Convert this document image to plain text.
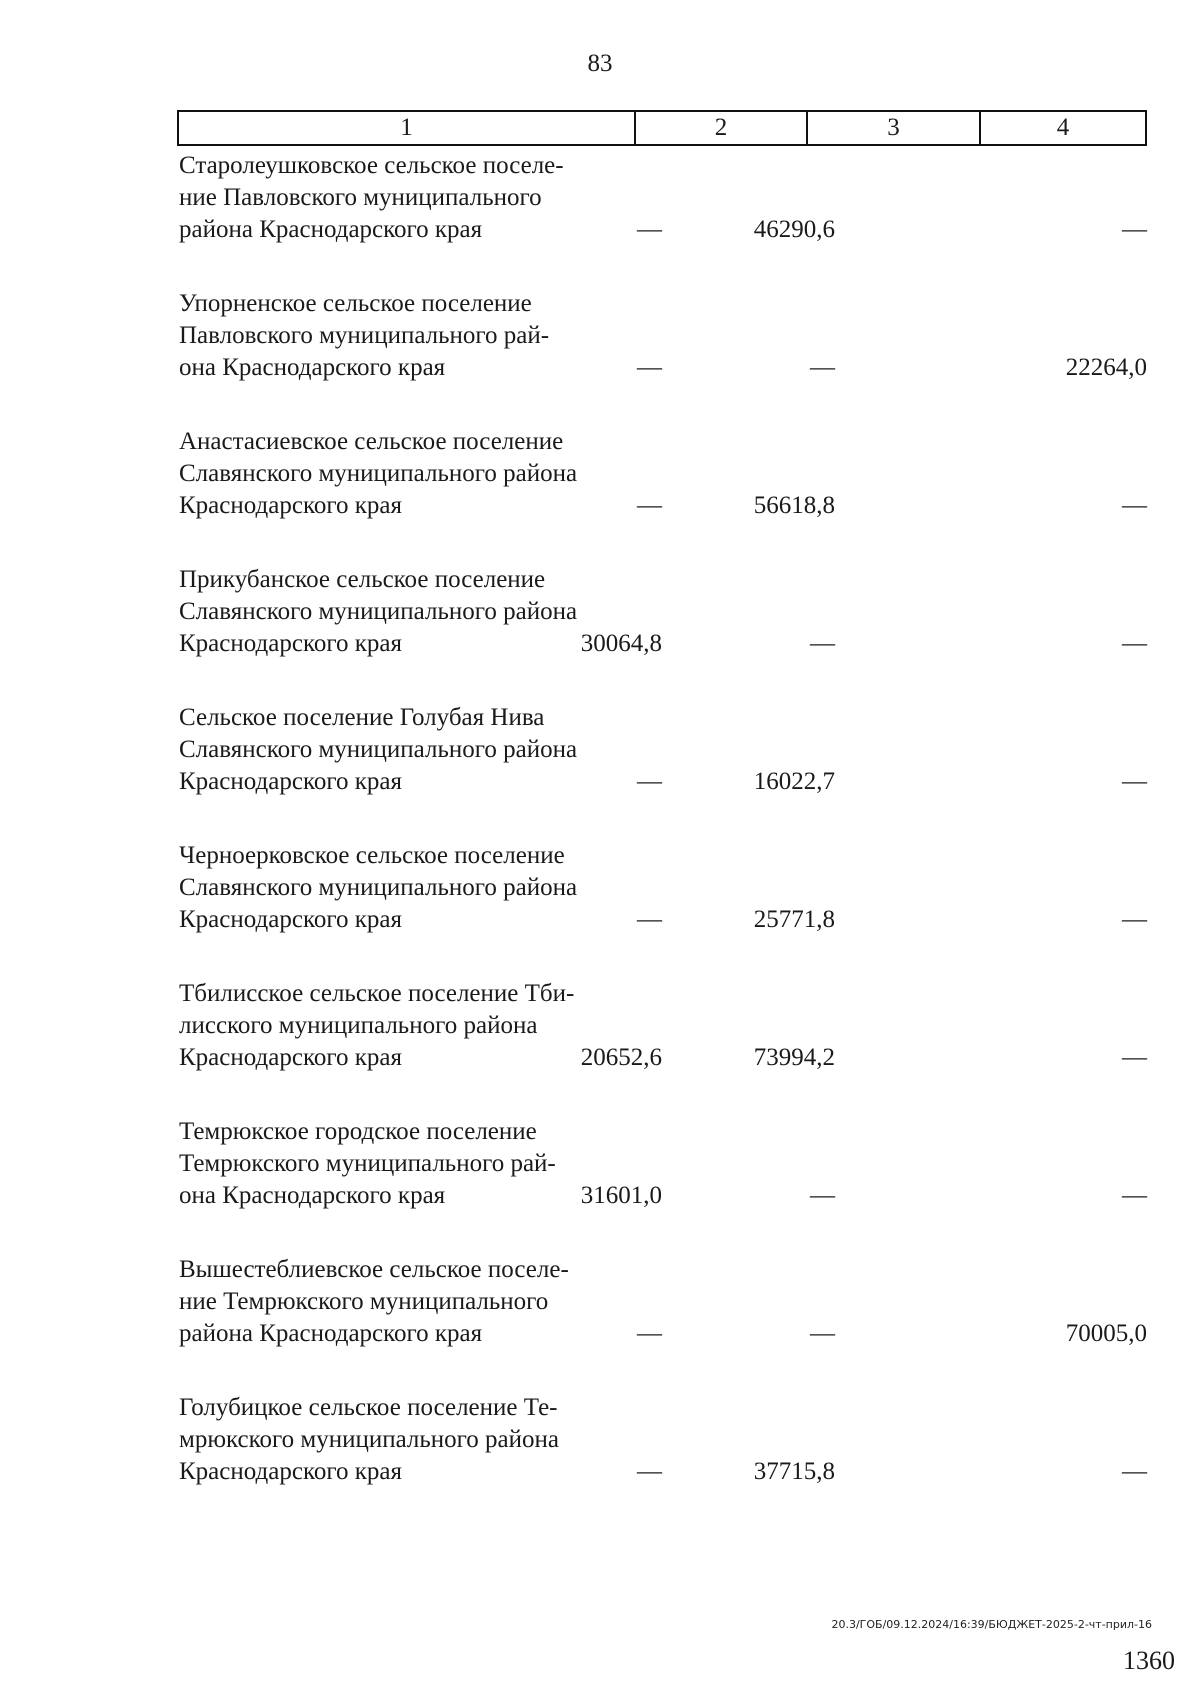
83
1	2	3	4
Старолеушковское сельское поселе-
ние Павловского муниципального
района Краснодарского края	—	46290,6	—
Упорненское сельское поселение
Павловского муниципального рай-
она Краснодарского края	—	—	22264,0
Анастасиевское сельское поселение
Славянского муниципального района
Краснодарского края	—	56618,8	—
Прикубанское сельское поселение
Славянского муниципального района
Краснодарского края	30064,8	—	—
Сельское поселение Голубая Нива
Славянского муниципального района
Краснодарского края	—	16022,7	—
Черноерковское сельское поселение
Славянского муниципального района
Краснодарского края	—	25771,8	—
Тбилисское сельское поселение Тби-
лисского муниципального района
Краснодарского края	20652,6	73994,2	—
Темрюкское городское поселение
Темрюкского муниципального рай-
она Краснодарского края	31601,0	—	—
Вышестеблиевское сельское поселе-
ние Темрюкского муниципального
района Краснодарского края	—	—	70005,0
Голубицкое сельское поселение Те-
мрюкского муниципального района
Краснодарского края	—	37715,8	—
20.3/ГОБ/09.12.2024/16:39/БЮДЖЕТ-2025-2-чт-прил-16
1360
